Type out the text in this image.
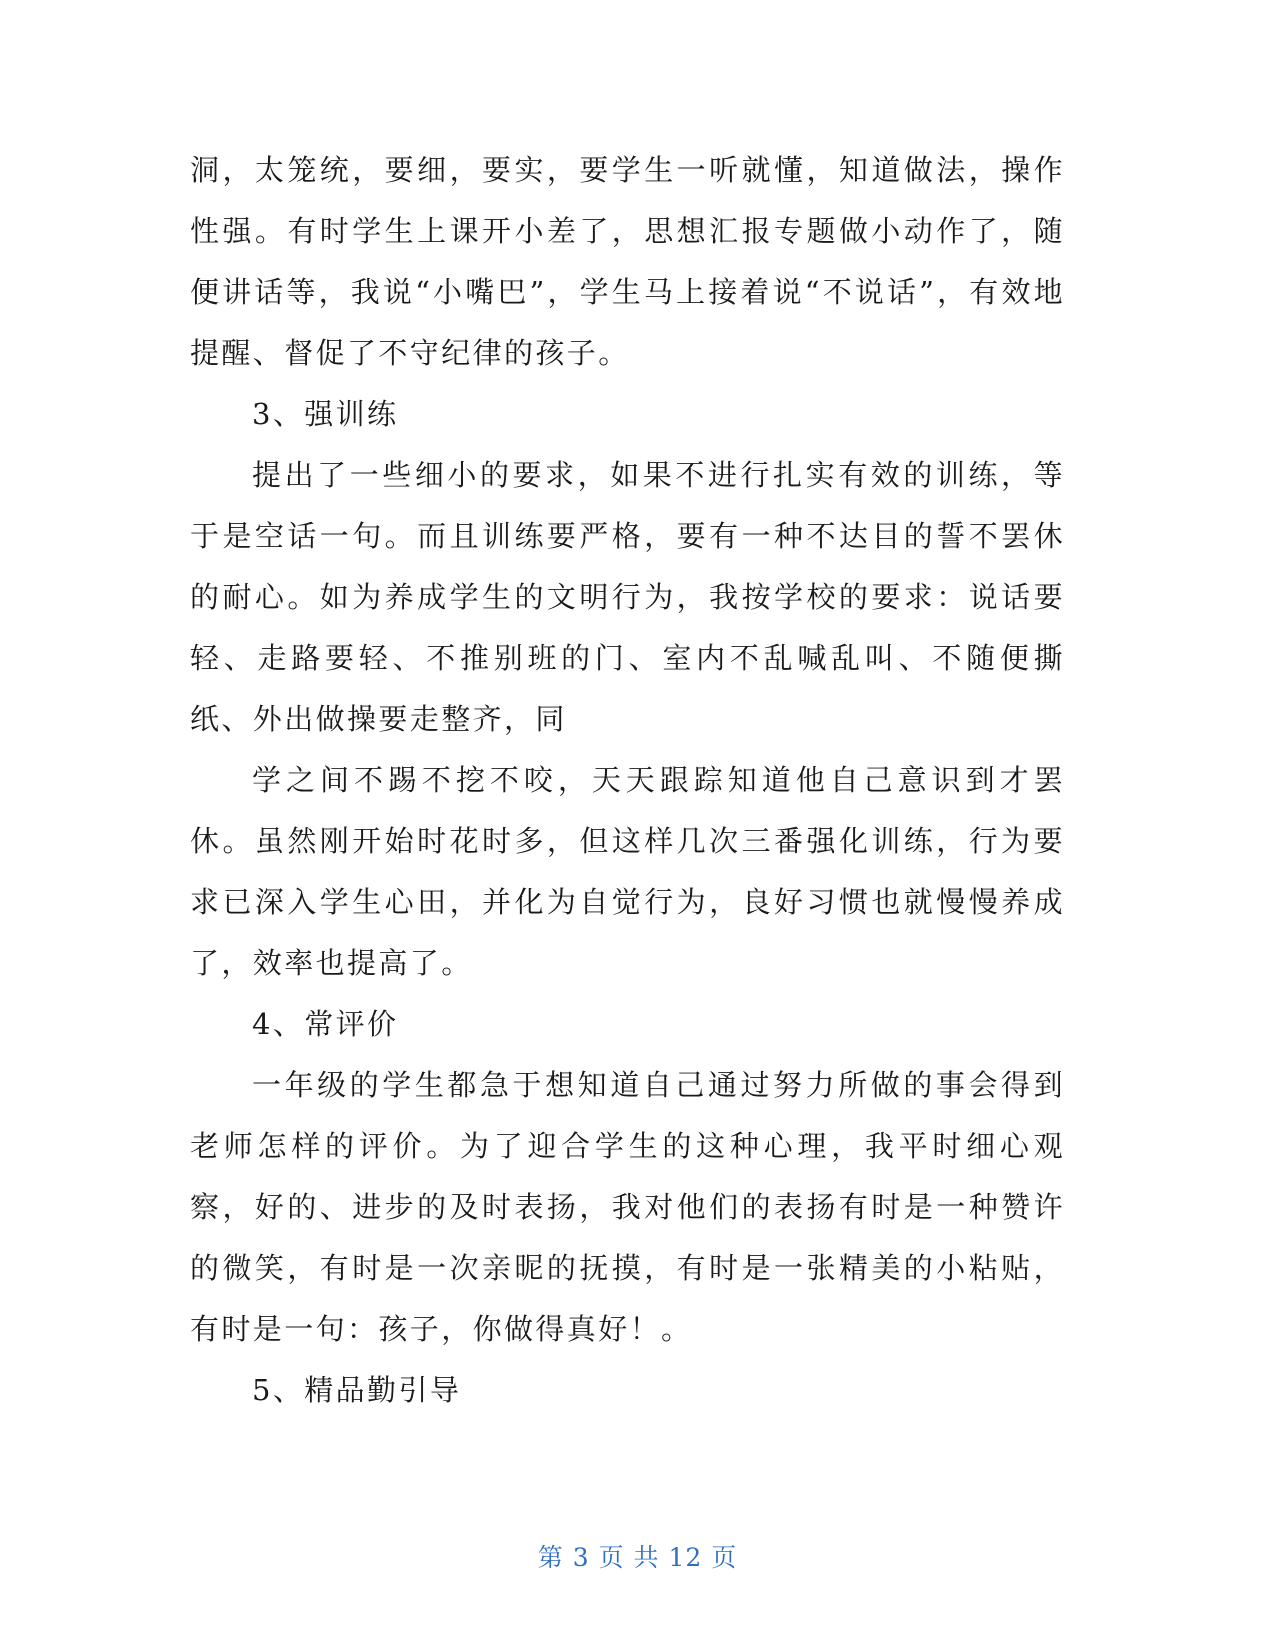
洞，太笼统，要细，要实，要学生一听就懂，知道做法，操作性强。有时学生上课开小差了，思想汇报专题做小动作了，随便讲话等，我说“小嘴巴”，学生马上接着说“不说话”，有效地提醒、督促了不守纪律的孩子。

3、强训练

提出了一些细小的要求，如果不进行扎实有效的训练，等于是空话一句。而且训练要严格，要有一种不达目的誓不罢休的耐心。如为养成学生的文明行为，我按学校的要求：说话要轻、走路要轻、不推别班的门、室内不乱喊乱叫、不随便撕纸、外出做操要走整齐，同

学之间不踢不挖不咬，天天跟踪知道他自己意识到才罢休。虽然刚开始时花时多，但这样几次三番强化训练，行为要求已深入学生心田，并化为自觉行为，良好习惯也就慢慢养成了，效率也提高了。

4、常评价

一年级的学生都急于想知道自己通过努力所做的事会得到老师怎样的评价。为了迎合学生的这种心理，我平时细心观察，好的、进步的及时表扬，我对他们的表扬有时是一种赞许的微笑，有时是一次亲昵的抚摸，有时是一张精美的小粘贴，有时是一句：孩子，你做得真好！。

5、精品勤引导

第 3 页 共 12 页
